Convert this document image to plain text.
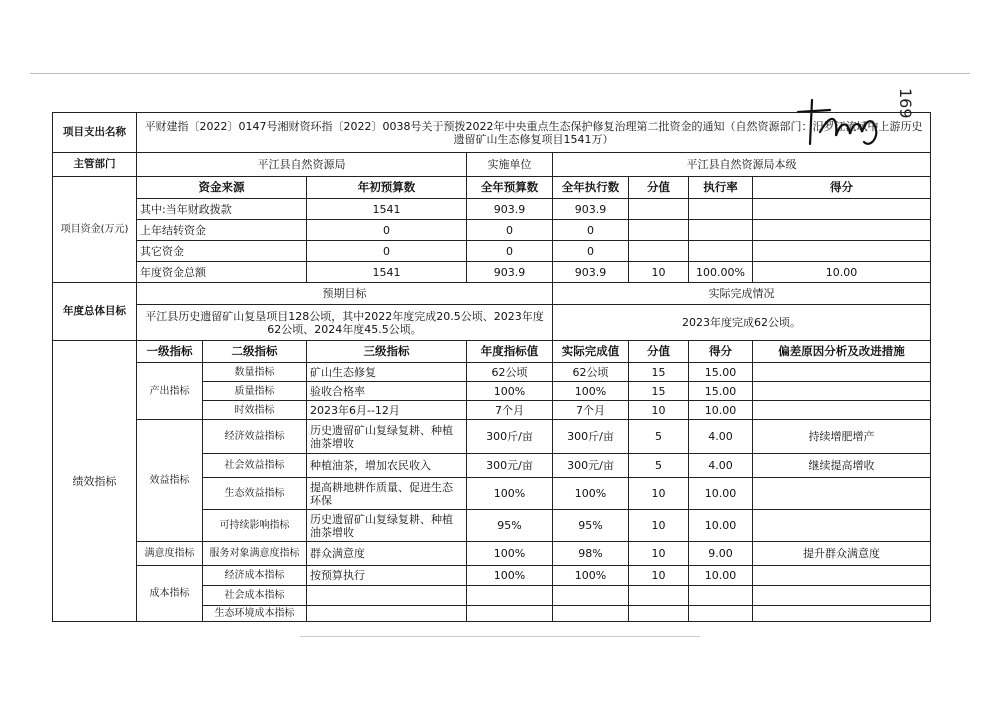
169
项目支出名称	平财建指〔2022〕0147号湘财资环指〔2022〕0038号关于预拨2022年中央重点生态保护修复治理第二批资金的通知（自然资源部门：汨罗江流域中上游历史遗留矿山生态修复项目1541万）							
主管部门	平江县自然资源局			实施单位	平江县自然资源局本级			
项目资金(万元)	资金来源		年初预算数	全年预算数	全年执行数	分值	执行率	得分
	其中:当年财政拨款		1541	903.9	903.9			
	上年结转资金		0	0	0			
	其它资金		0	0	0			
	年度资金总额		1541	903.9	903.9	10	100.00%	10.00
年度总体目标	预期目标				实际完成情况			
	平江县历史遗留矿山复垦项目128公顷，其中2022年度完成20.5公顷、2023年度62公顷、2024年度45.5公顷。				2023年度完成62公顷。			
绩效指标	一级指标	二级指标	三级指标	年度指标值	实际完成值	分值	得分	偏差原因分析及改进措施
	产出指标	数量指标	矿山生态修复	62公顷	62公顷	15	15.00	
		质量指标	验收合格率	100%	100%	15	15.00	
		时效指标	2023年6月--12月	7个月	7个月	10	10.00	
	效益指标	经济效益指标	历史遗留矿山复绿复耕、种植油茶增收	300斤/亩	300斤/亩	5	4.00	持续增肥增产
		社会效益指标	种植油茶，增加农民收入	300元/亩	300元/亩	5	4.00	继续提高增收
		生态效益指标	提高耕地耕作质量、促进生态环保	100%	100%	10	10.00	
		可持续影响指标	历史遗留矿山复绿复耕、种植油茶增收	95%	95%	10	10.00	
	满意度指标	服务对象满意度指标	群众满意度	100%	98%	10	9.00	提升群众满意度
	成本指标	经济成本指标	按预算执行	100%	100%	10	10.00	
		社会成本指标						
		生态环境成本指标						
